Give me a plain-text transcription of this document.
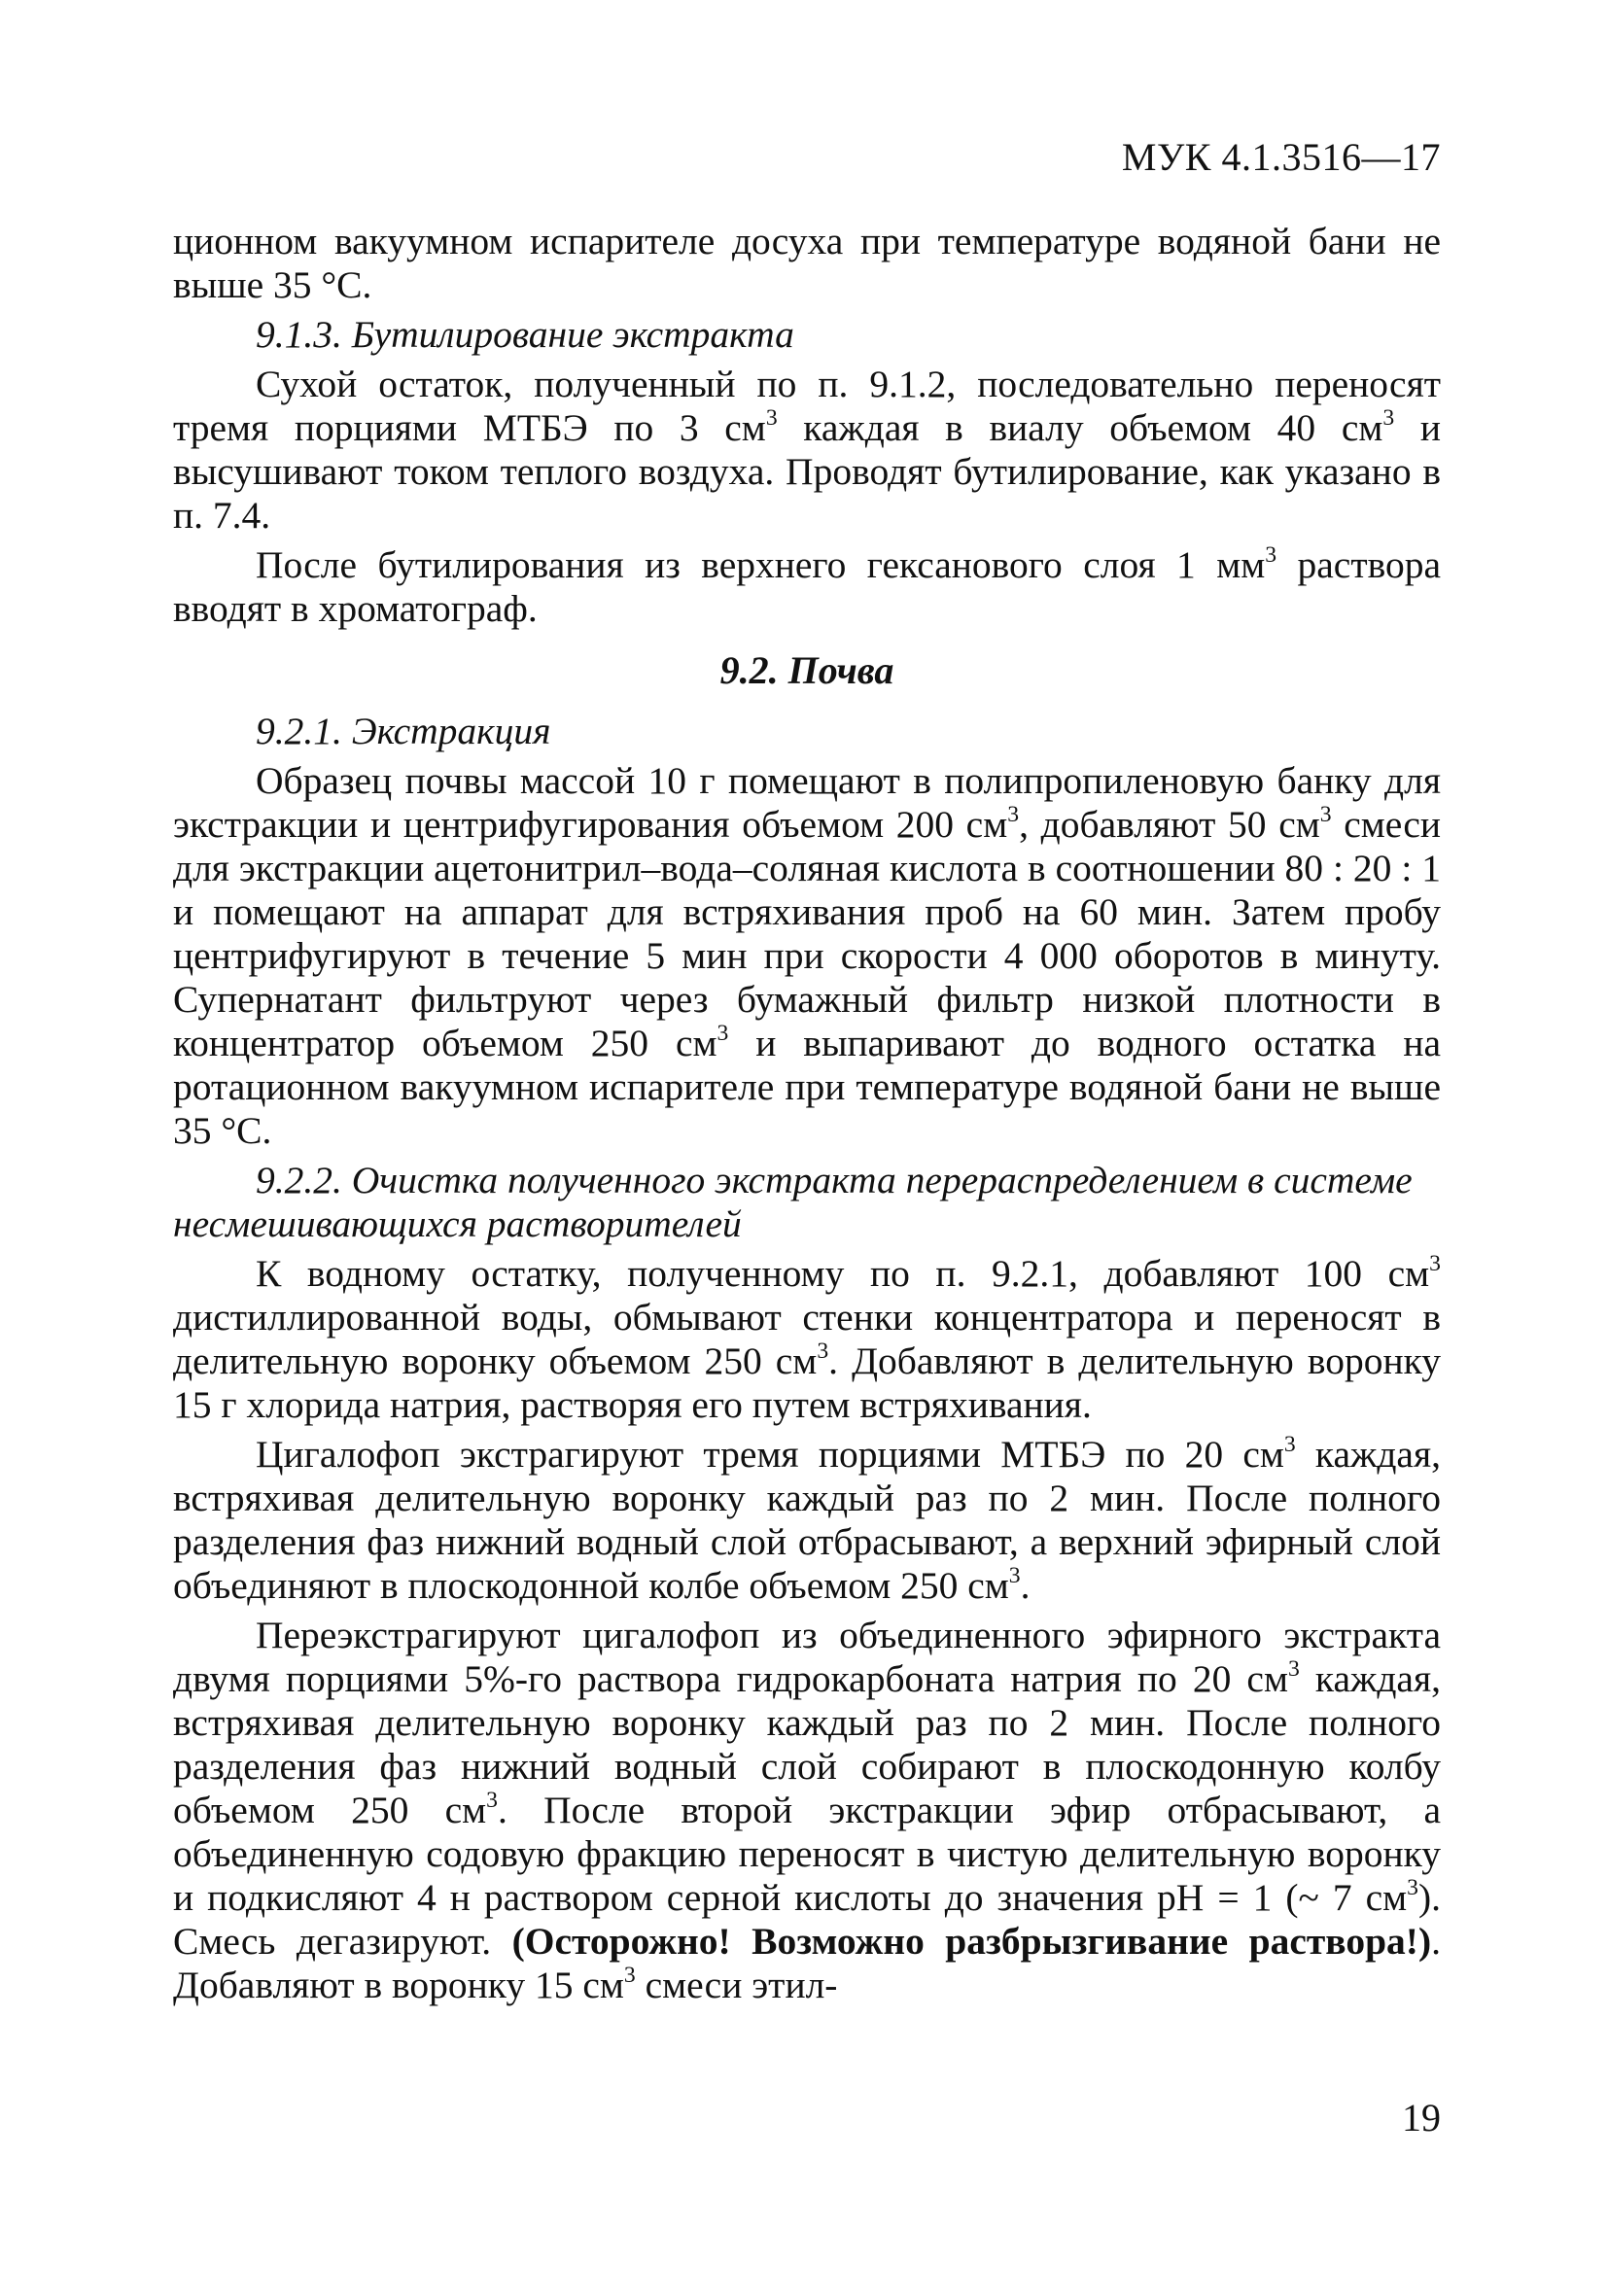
МУК 4.1.3516—17

ционном вакуумном испарителе досуха при температуре водяной бани не выше 35 °С.

9.1.3. Бутилирование экстракта

Сухой остаток, полученный по п. 9.1.2, последовательно переносят тремя порциями МТБЭ по 3 $см^3$ каждая в виалу объемом 40 $см^3$ и высушивают током теплого воздуха. Проводят бутилирование, как указано в п. 7.4.

После бутилирования из верхнего гексанового слоя 1 $мм^3$ раствора вводят в хроматограф.

9.2. Почва
9.2.1. Экстракция

Образец почвы массой 10 г помещают в полипропиленовую банку для экстракции и центрифугирования объемом 200 $см^3$, добавляют 50 $см^3$ смеси для экстракции ацетонитрил–вода–соляная кислота в соотношении 80 : 20 : 1 и помещают на аппарат для встряхивания проб на 60 мин. Затем пробу центрифугируют в течение 5 мин при скорости 4 000 оборотов в минуту. Супернатант фильтруют через бумажный фильтр низкой плотности в концентратор объемом 250 $см^3$ и выпаривают до водного остатка на ротационном вакуумном испарителе при температуре водяной бани не выше 35 °С.

9.2.2. Очистка полученного экстракта перераспределением в системе несмешивающихся растворителей

К водному остатку, полученному по п. 9.2.1, добавляют 100 $см^3$ дистиллированной воды, обмывают стенки концентратора и переносят в делительную воронку объемом 250 $см^3$. Добавляют в делительную воронку 15 г хлорида натрия, растворяя его путем встряхивания.

Цигалофоп экстрагируют тремя порциями МТБЭ по 20 $см^3$ каждая, встряхивая делительную воронку каждый раз по 2 мин. После полного разделения фаз нижний водный слой отбрасывают, а верхний эфирный слой объединяют в плоскодонной колбе объемом 250 $см^3$.

Переэкстрагируют цигалофоп из объединенного эфирного экстракта двумя порциями 5%-го раствора гидрокарбоната натрия по 20 $см^3$ каждая, встряхивая делительную воронку каждый раз по 2 мин. После полного разделения фаз нижний водный слой собирают в плоскодонную колбу объемом 250 $см^3$. После второй экстракции эфир отбрасывают, а объединенную содовую фракцию переносят в чистую делительную воронку и подкисляют 4 н раствором серной кислоты до значения pH = 1 (~ 7 $см^3$). Смесь дегазируют. (Осторожно! Возможно разбрызгивание раствора!). Добавляют в воронку 15 $см^3$ смеси этил-

19
